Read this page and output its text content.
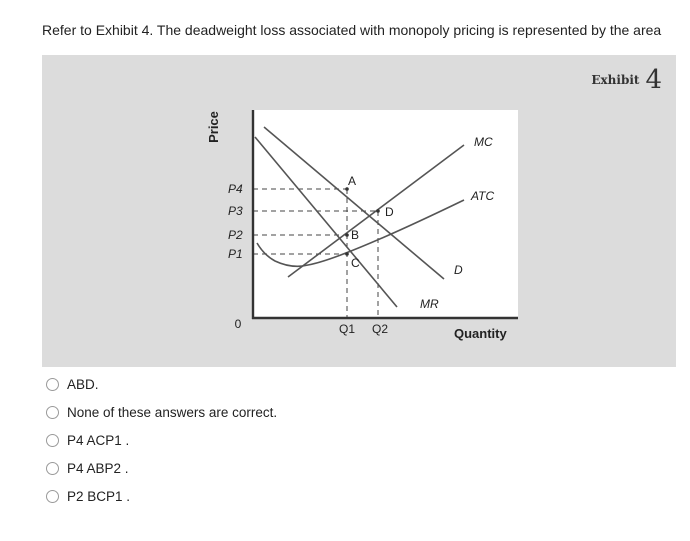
Refer to Exhibit 4. The deadweight loss associated with monopoly pricing is represented by the area
Exhibit 4
Price
Quantity
0
P4
P3
P2
P1
Q1 Q2
MC
ATC
D
MR
A
D
B
C
ABD.
None of these answers are correct.
P4 ACP1 .
P4 ABP2 .
P2 BCP1 .
